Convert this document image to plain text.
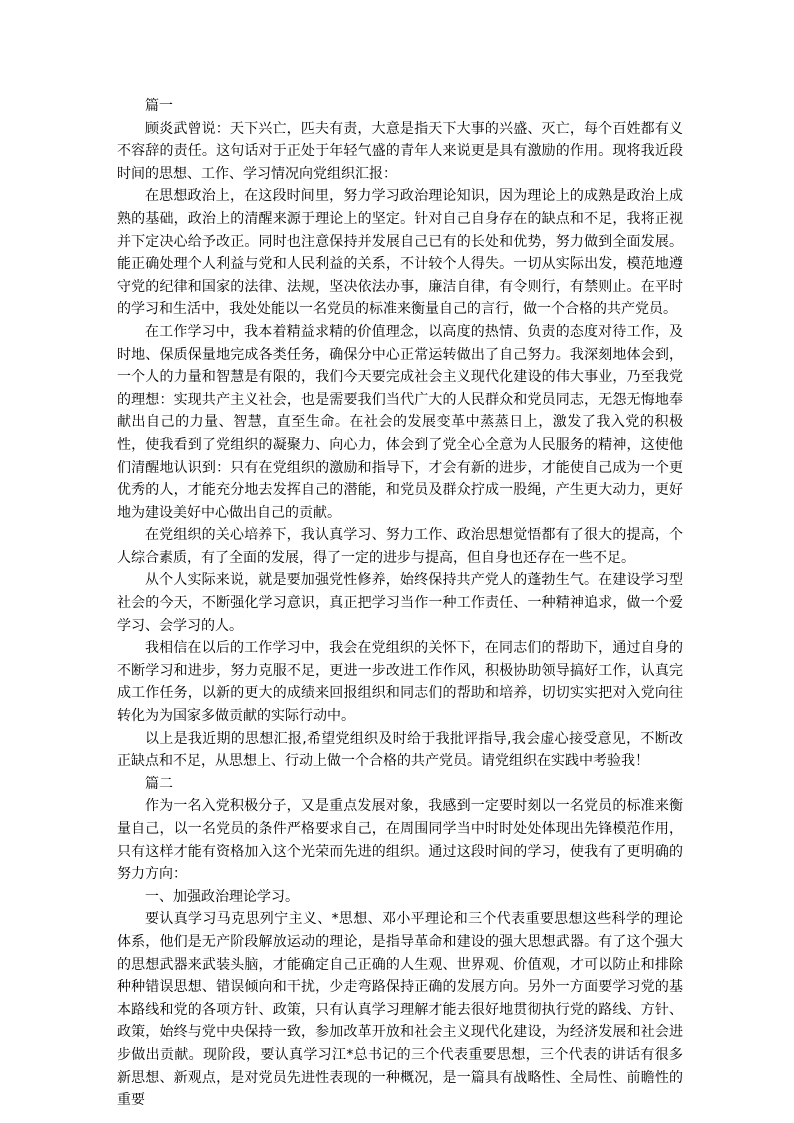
篇一

顾炎武曾说：天下兴亡，匹夫有责，大意是指天下大事的兴盛、灭亡，每个百姓都有义不容辞的责任。这句话对于正处于年轻气盛的青年人来说更是具有激励的作用。现将我近段时间的思想、工作、学习情况向党组织汇报：

在思想政治上，在这段时间里，努力学习政治理论知识，因为理论上的成熟是政治上成熟的基础，政治上的清醒来源于理论上的坚定。针对自己自身存在的缺点和不足，我将正视并下定决心给予改正。同时也注意保持并发展自己已有的长处和优势，努力做到全面发展。能正确处理个人利益与党和人民利益的关系，不计较个人得失。一切从实际出发，模范地遵守党的纪律和国家的法律、法规，坚决依法办事，廉洁自律，有令则行，有禁则止。在平时的学习和生活中，我处处能以一名党员的标准来衡量自己的言行，做一个合格的共产党员。

在工作学习中，我本着精益求精的价值理念，以高度的热情、负责的态度对待工作，及时地、保质保量地完成各类任务，确保分中心正常运转做出了自己努力。我深刻地体会到，一个人的力量和智慧是有限的，我们今天要完成社会主义现代化建设的伟大事业，乃至我党的理想：实现共产主义社会，也是需要我们当代广大的人民群众和党员同志，无怨无悔地奉献出自己的力量、智慧，直至生命。在社会的发展变革中蒸蒸日上，激发了我入党的积极性，使我看到了党组织的凝聚力、向心力，体会到了党全心全意为人民服务的精神，这使他们清醒地认识到：只有在党组织的激励和指导下，才会有新的进步，才能使自己成为一个更优秀的人，才能充分地去发挥自己的潜能，和党员及群众拧成一股绳，产生更大动力，更好地为建设美好中心做出自己的贡献。

在党组织的关心培养下，我认真学习、努力工作、政治思想觉悟都有了很大的提高，个人综合素质，有了全面的发展，得了一定的进步与提高，但自身也还存在一些不足。

从个人实际来说，就是要加强党性修养，始终保持共产党人的蓬勃生气。在建设学习型社会的今天，不断强化学习意识，真正把学习当作一种工作责任、一种精神追求，做一个爱学习、会学习的人。

我相信在以后的工作学习中，我会在党组织的关怀下，在同志们的帮助下，通过自身的不断学习和进步，努力克服不足，更进一步改进工作作风，积极协助领导搞好工作，认真完成工作任务，以新的更大的成绩来回报组织和同志们的帮助和培养，切切实实把对入党向往转化为为国家多做贡献的实际行动中。

以上是我近期的思想汇报,希望党组织及时给于我批评指导,我会虚心接受意见，不断改正缺点和不足，从思想上、行动上做一个合格的共产党员。请党组织在实践中考验我！

篇二

作为一名入党积极分子，又是重点发展对象，我感到一定要时刻以一名党员的标准来衡量自己，以一名党员的条件严格要求自己，在周围同学当中时时处处体现出先锋模范作用，只有这样才能有资格加入这个光荣而先进的组织。通过这段时间的学习，使我有了更明确的努力方向：

一、加强政治理论学习。

要认真学习马克思列宁主义、*思想、邓小平理论和三个代表重要思想这些科学的理论体系，他们是无产阶段解放运动的理论，是指导革命和建设的强大思想武器。有了这个强大的思想武器来武装头脑，才能确定自己正确的人生观、世界观、价值观，才可以防止和排除种种错误思想、错误倾向和干扰，少走弯路保持正确的发展方向。另外一方面要学习党的基本路线和党的各项方针、政策，只有认真学习理解才能去很好地贯彻执行党的路线、方针、政策，始终与党中央保持一致，参加改革开放和社会主义现代化建设，为经济发展和社会进步做出贡献。现阶段，要认真学习江*总书记的三个代表重要思想，三个代表的讲话有很多新思想、新观点，是对党员先进性表现的一种概况，是一篇具有战略性、全局性、前瞻性的重要
